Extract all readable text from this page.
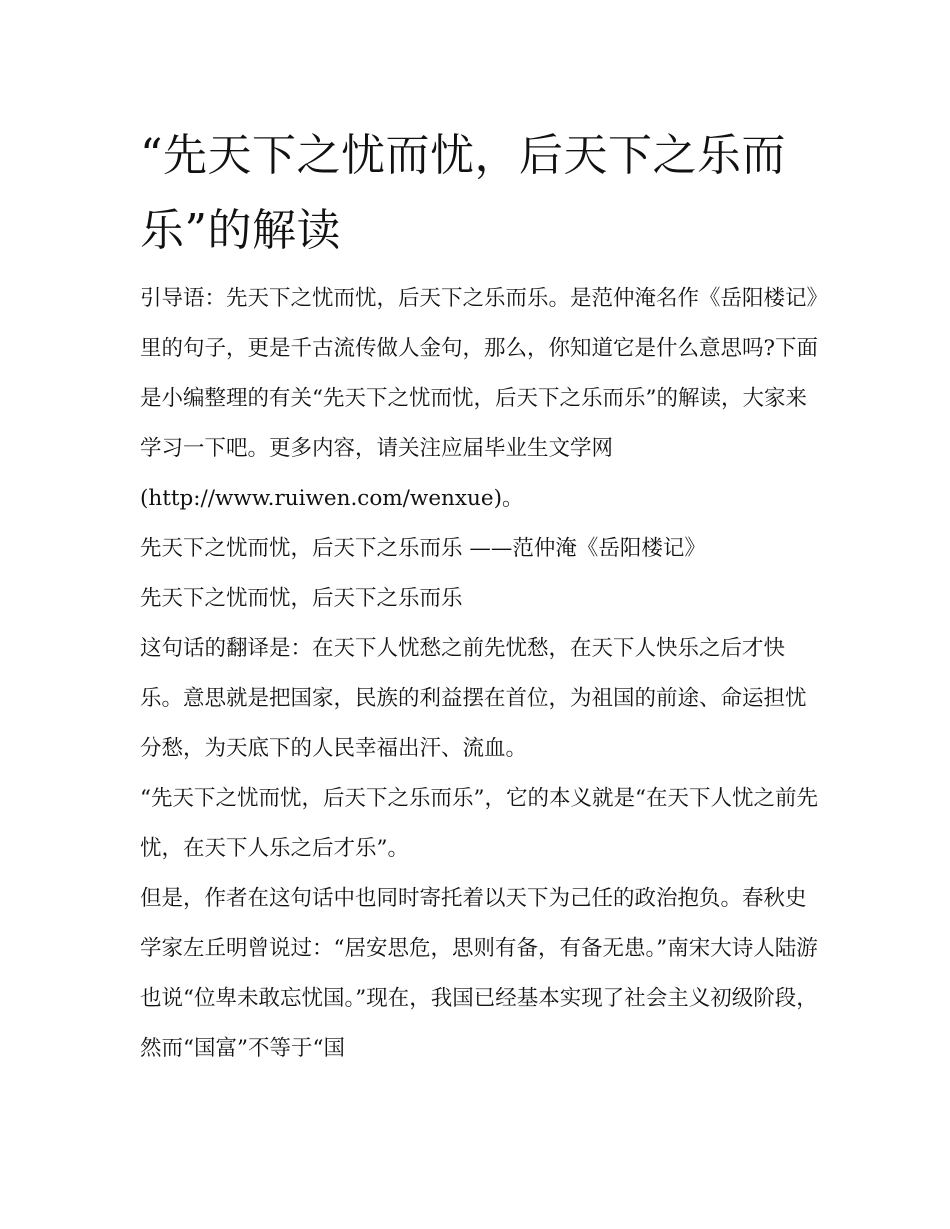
“先天下之忧而忧，后天下之乐而乐”的解读

引导语：先天下之忧而忧，后天下之乐而乐。是范仲淹名作《岳阳楼记》里的句子，更是千古流传做人金句，那么，你知道它是什么意思吗?下面是小编整理的有关“先天下之忧而忧，后天下之乐而乐”的解读，大家来学习一下吧。更多内容，请关注应届毕业生文学网(http://www.ruiwen.com/wenxue)。

先天下之忧而忧，后天下之乐而乐 ——范仲淹《岳阳楼记》

先天下之忧而忧，后天下之乐而乐

这句话的翻译是：在天下人忧愁之前先忧愁，在天下人快乐之后才快乐。意思就是把国家，民族的利益摆在首位，为祖国的前途、命运担忧分愁，为天底下的人民幸福出汗、流血。

“先天下之忧而忧，后天下之乐而乐”，它的本义就是“在天下人忧之前先忧，在天下人乐之后才乐”。

但是，作者在这句话中也同时寄托着以天下为己任的政治抱负。春秋史学家左丘明曾说过：“居安思危，思则有备，有备无患。”南宋大诗人陆游也说“位卑未敢忘忧国。”现在，我国已经基本实现了社会主义初级阶段，然而“国富”不等于“国
